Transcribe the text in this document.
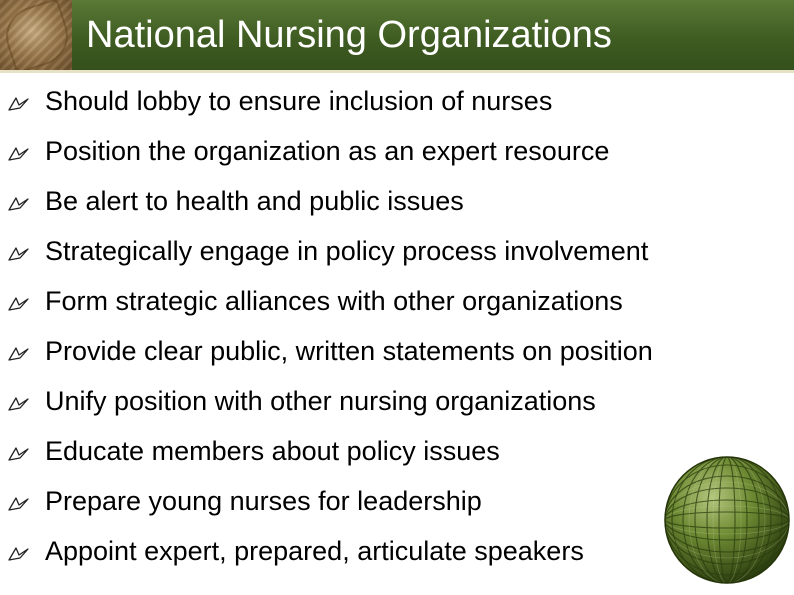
National Nursing Organizations
Should lobby to ensure inclusion of nurses
Position the organization as an expert resource
Be alert to health and public issues
Strategically engage in policy process involvement
Form strategic alliances with other organizations
Provide clear public, written statements on position
Unify position with other nursing organizations
Educate members about policy issues
Prepare young nurses for leadership
Appoint expert, prepared, articulate speakers
